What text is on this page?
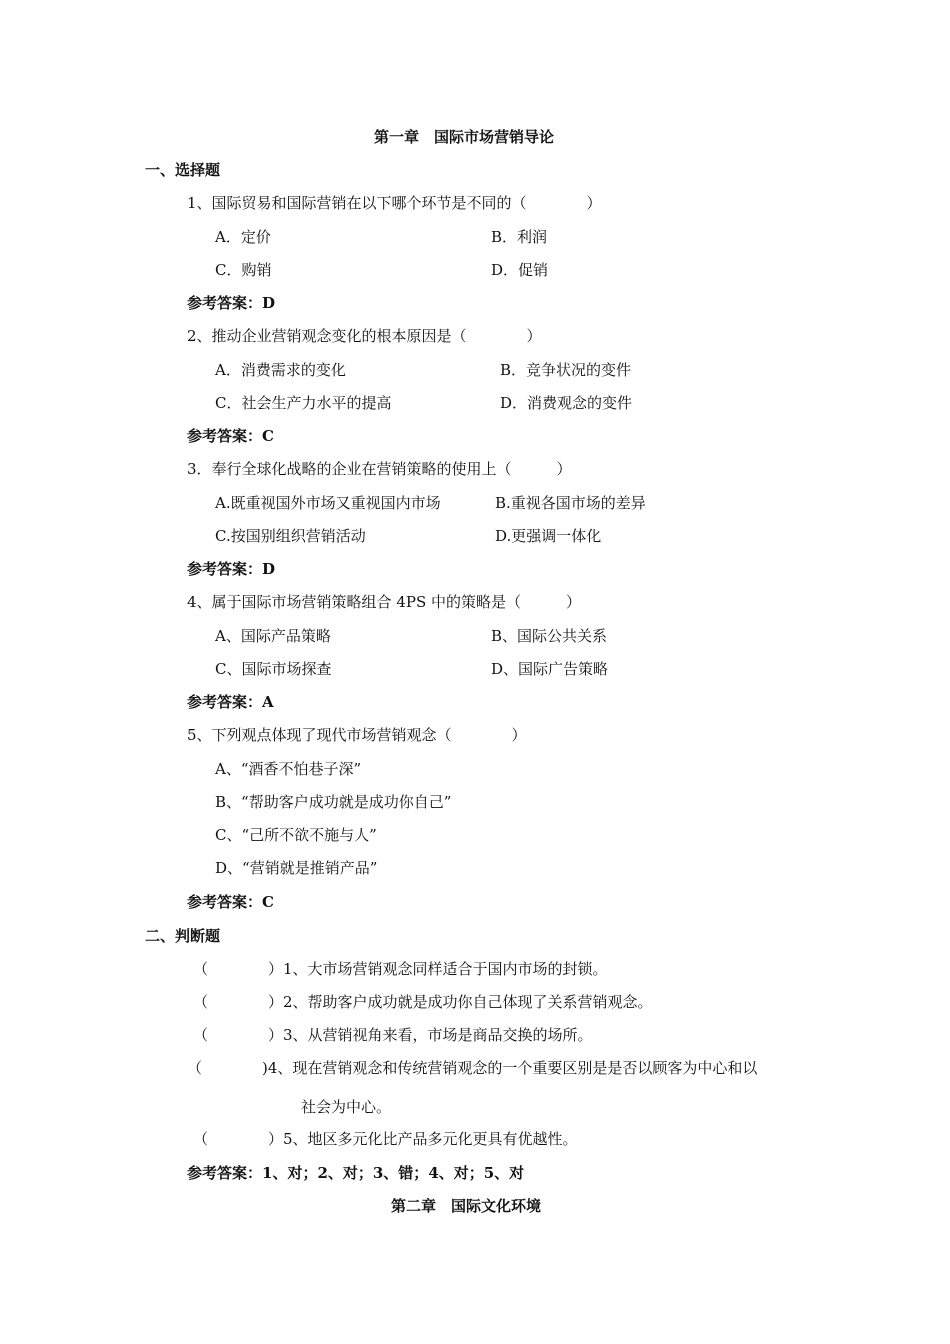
第一章　国际市场营销导论
一、选择题
1、国际贸易和国际营销在以下哪个环节是不同的（　　　　）
A．定价	B．利润
C．购销	D．促销
参考答案：D
2、推动企业营销观念变化的根本原因是（　　　　）
A．消费需求的变化	B．竞争状况的变件
C．社会生产力水平的提高	D．消费观念的变件
参考答案：C
3．奉行全球化战略的企业在营销策略的使用上（　　　）
A.既重视国外市场又重视国内市场	B.重视各国市场的差异
C.按国别组织营销活动	D.更强调一体化
参考答案：D
4、属于国际市场营销策略组合 4PS 中的策略是（　　　）
A、国际产品策略	B、国际公共关系
C、国际市场探查	D、国际广告策略
参考答案：A
5、下列观点体现了现代市场营销观念（　　　　）
A、“酒香不怕巷子深”
B、“帮助客户成功就是成功你自己”
C、“己所不欲不施与人”
D、“营销就是推销产品”
参考答案：C
二、判断题
（　　　　）1、大市场营销观念同样适合于国内市场的封锁。
（　　　　）2、帮助客户成功就是成功你自己体现了关系营销观念。
（　　　　）3、从营销视角来看，市场是商品交换的场所。
（　　　　)4、现在营销观念和传统营销观念的一个重要区别是是否以顾客为中心和以
社会为中心。
（　　　　）5、地区多元化比产品多元化更具有优越性。
参考答案：1、对；2、对；3、错；4、对；5、对
第二章　国际文化环境
